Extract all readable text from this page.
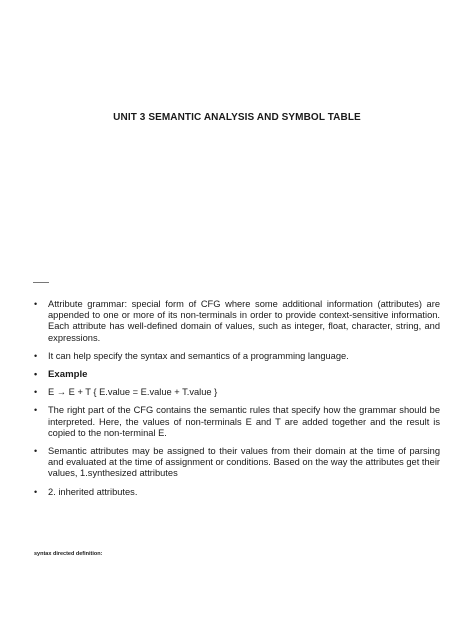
UNIT 3 SEMANTIC ANALYSIS AND SYMBOL TABLE
• Attribute grammar: special form of CFG where some additional information (attributes) are appended to one or more of its non-terminals in order to provide context-sensitive information. Each attribute has well-defined domain of values, such as integer, float, character, string, and expressions.
• It can help specify the syntax and semantics of a programming language.
• Example
• E → E + T { E.value = E.value + T.value }
• The right part of the CFG contains the semantic rules that specify how the grammar should be interpreted. Here, the values of non-terminals E and T are added together and the result is copied to the non-terminal E.
• Semantic attributes may be assigned to their values from their domain at the time of parsing and evaluated at the time of assignment or conditions. Based on the way the attributes get their values, 1.synthesized attributes
• 2. inherited attributes.
syntax directed definition:
